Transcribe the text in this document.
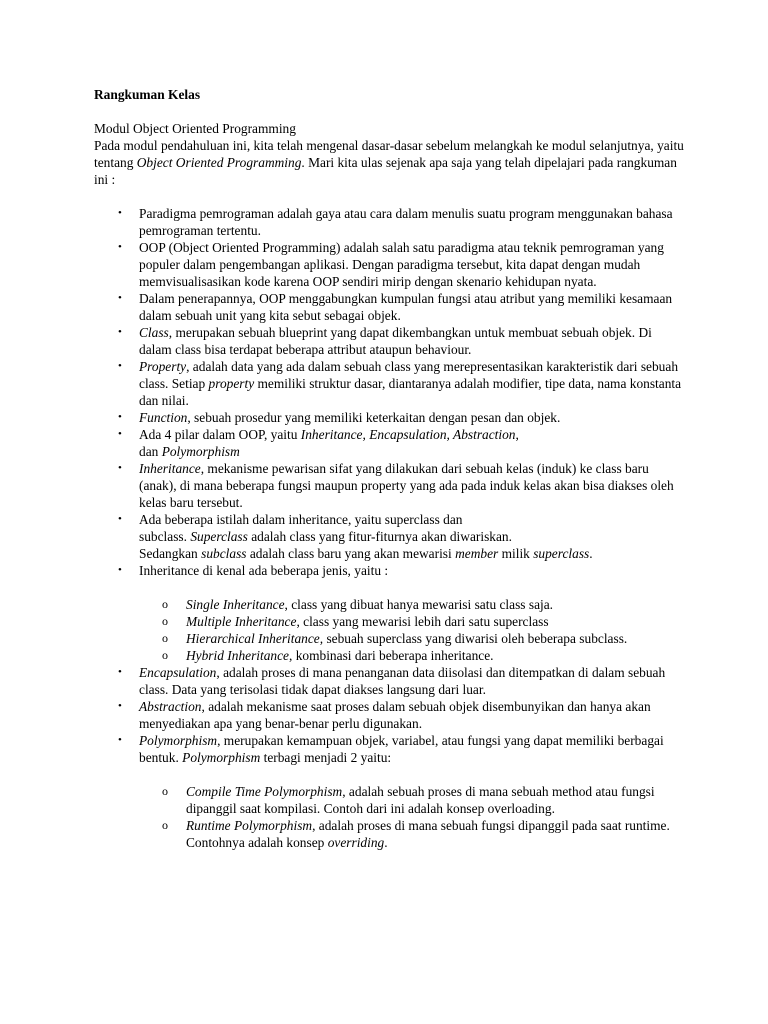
Rangkuman Kelas

Modul Object Oriented Programming

Pada modul pendahuluan ini, kita telah mengenal dasar-dasar sebelum melangkah ke modul selanjutnya, yaitu tentang Object Oriented Programming. Mari kita ulas sejenak apa saja yang telah dipelajari pada rangkuman ini :

• Paradigma pemrograman adalah gaya atau cara dalam menulis suatu program menggunakan bahasa pemrograman tertentu.
• OOP (Object Oriented Programming) adalah salah satu paradigma atau teknik pemrograman yang populer dalam pengembangan aplikasi. Dengan paradigma tersebut, kita dapat dengan mudah memvisualisasikan kode karena OOP sendiri mirip dengan skenario kehidupan nyata.
• Dalam penerapannya, OOP menggabungkan kumpulan fungsi atau atribut yang memiliki kesamaan dalam sebuah unit yang kita sebut sebagai objek.
• Class, merupakan sebuah blueprint yang dapat dikembangkan untuk membuat sebuah objek. Di dalam class bisa terdapat beberapa attribut ataupun behaviour.
• Property, adalah data yang ada dalam sebuah class yang merepresentasikan karakteristik dari sebuah class. Setiap property memiliki struktur dasar, diantaranya adalah modifier, tipe data, nama konstanta dan nilai.
• Function, sebuah prosedur yang memiliki keterkaitan dengan pesan dan objek.
• Ada 4 pilar dalam OOP, yaitu Inheritance, Encapsulation, Abstraction,
dan Polymorphism
• Inheritance, mekanisme pewarisan sifat yang dilakukan dari sebuah kelas (induk) ke class baru (anak), di mana beberapa fungsi maupun property yang ada pada induk kelas akan bisa diakses oleh kelas baru tersebut.
• Ada beberapa istilah dalam inheritance, yaitu superclass dan
subclass. Superclass adalah class yang fitur-fiturnya akan diwariskan.
Sedangkan subclass adalah class baru yang akan mewarisi member milik superclass.
• Inheritance di kenal ada beberapa jenis, yaitu :
o Single Inheritance, class yang dibuat hanya mewarisi satu class saja.
o Multiple Inheritance, class yang mewarisi lebih dari satu superclass
o Hierarchical Inheritance, sebuah superclass yang diwarisi oleh beberapa subclass.
o Hybrid Inheritance, kombinasi dari beberapa inheritance.
• Encapsulation, adalah proses di mana penanganan data diisolasi dan ditempatkan di dalam sebuah class. Data yang terisolasi tidak dapat diakses langsung dari luar.
• Abstraction, adalah mekanisme saat proses dalam sebuah objek disembunyikan dan hanya akan menyediakan apa yang benar-benar perlu digunakan.
• Polymorphism, merupakan kemampuan objek, variabel, atau fungsi yang dapat memiliki berbagai bentuk. Polymorphism terbagi menjadi 2 yaitu:
o Compile Time Polymorphism, adalah sebuah proses di mana sebuah method atau fungsi dipanggil saat kompilasi. Contoh dari ini adalah konsep overloading.
o Runtime Polymorphism, adalah proses di mana sebuah fungsi dipanggil pada saat runtime. Contohnya adalah konsep overriding.
